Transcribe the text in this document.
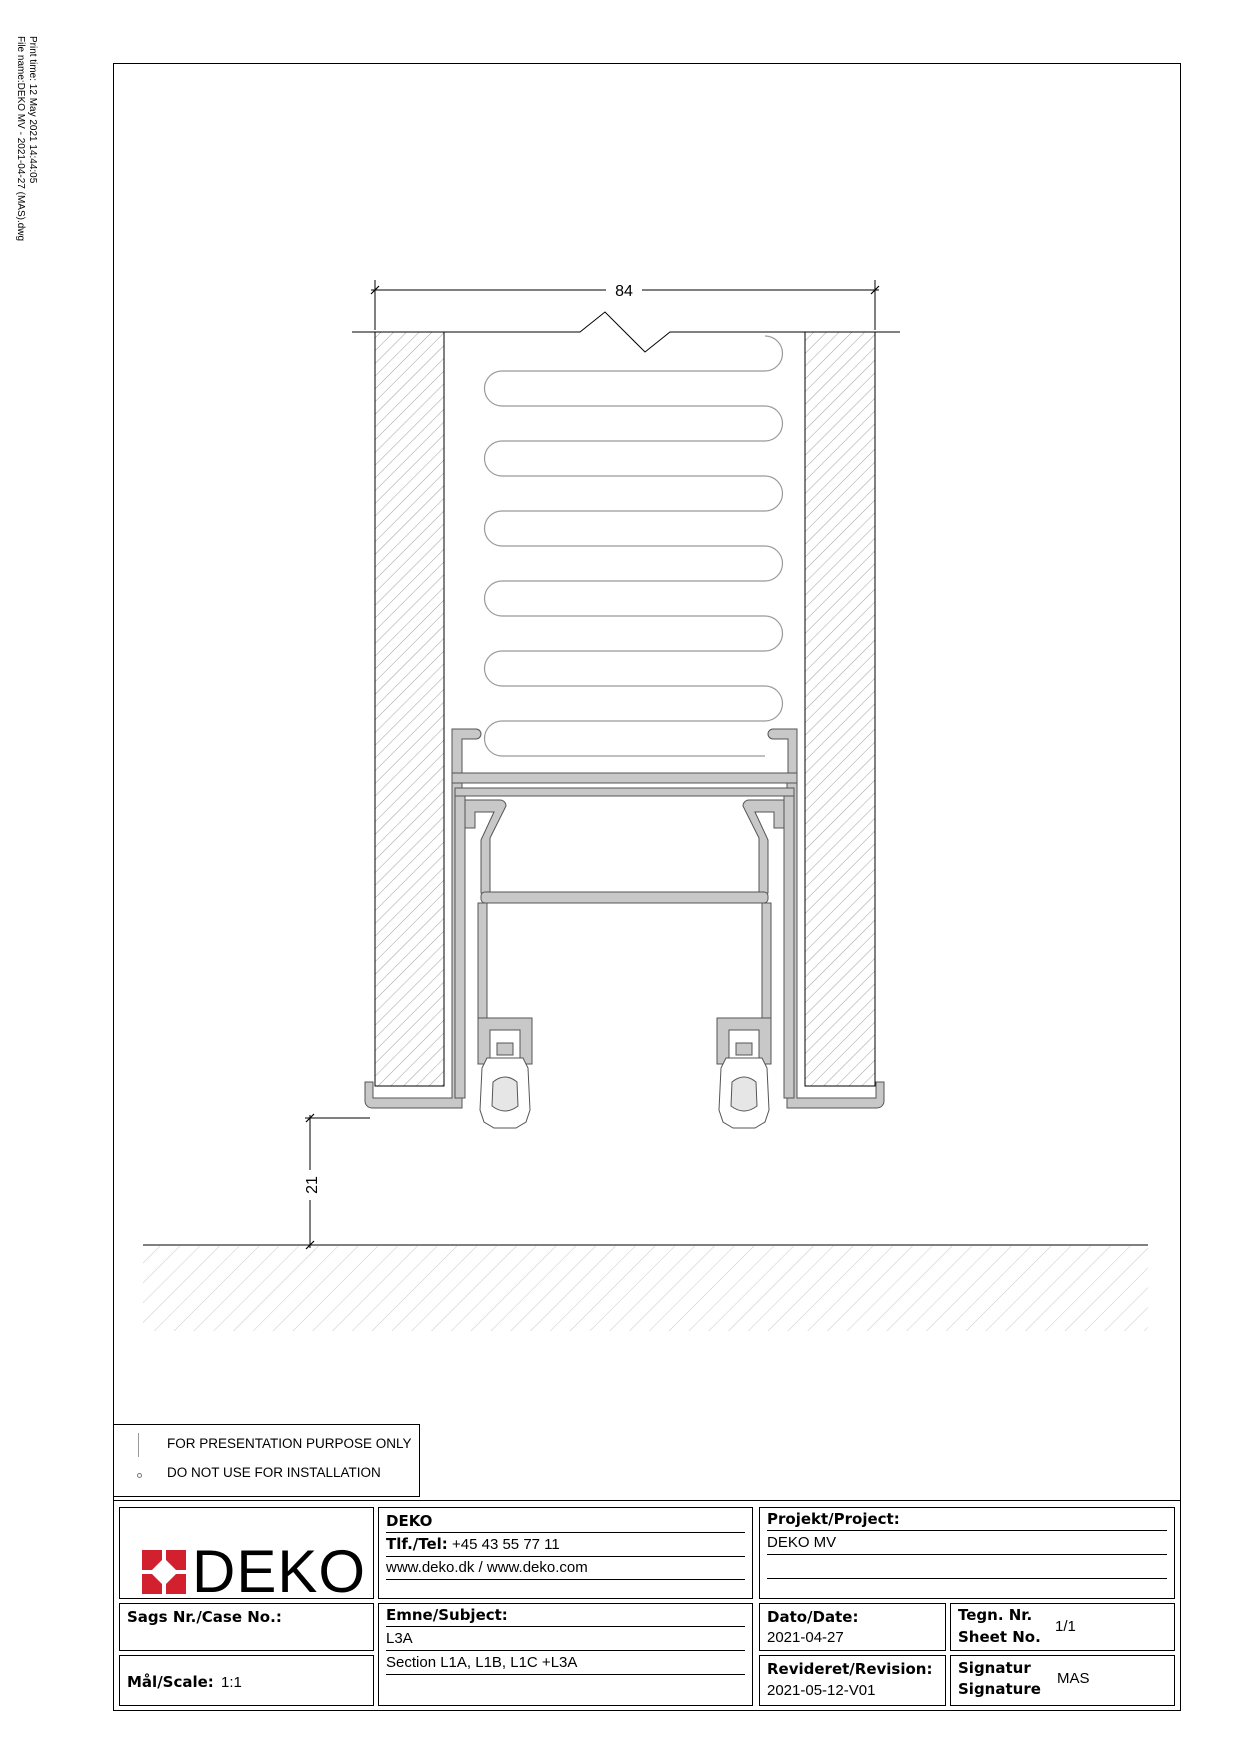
Print time: 12 May 2021 14:44:05
File name:DEKO MV - 2021-04-27 (MAS).dwg
84
21
FOR PRESENTATION PURPOSE ONLY
DO NOT USE FOR INSTALLATION
DEKO
DEKO
Tlf./Tel: +45 43 55 77 11
www.deko.dk / www.deko.com
Projekt/Project:
DEKO MV
Sags Nr./Case No.:	Emne/Subject:
L3A
Section L1A, L1B, L1C +L3A
Dato/Date:
2021-04-27
Tegn. Nr.
Sheet No.
1/1
Mål/Scale: 1:1
Revideret/Revision:
2021-05-12-V01
Signatur
Signature
MAS
